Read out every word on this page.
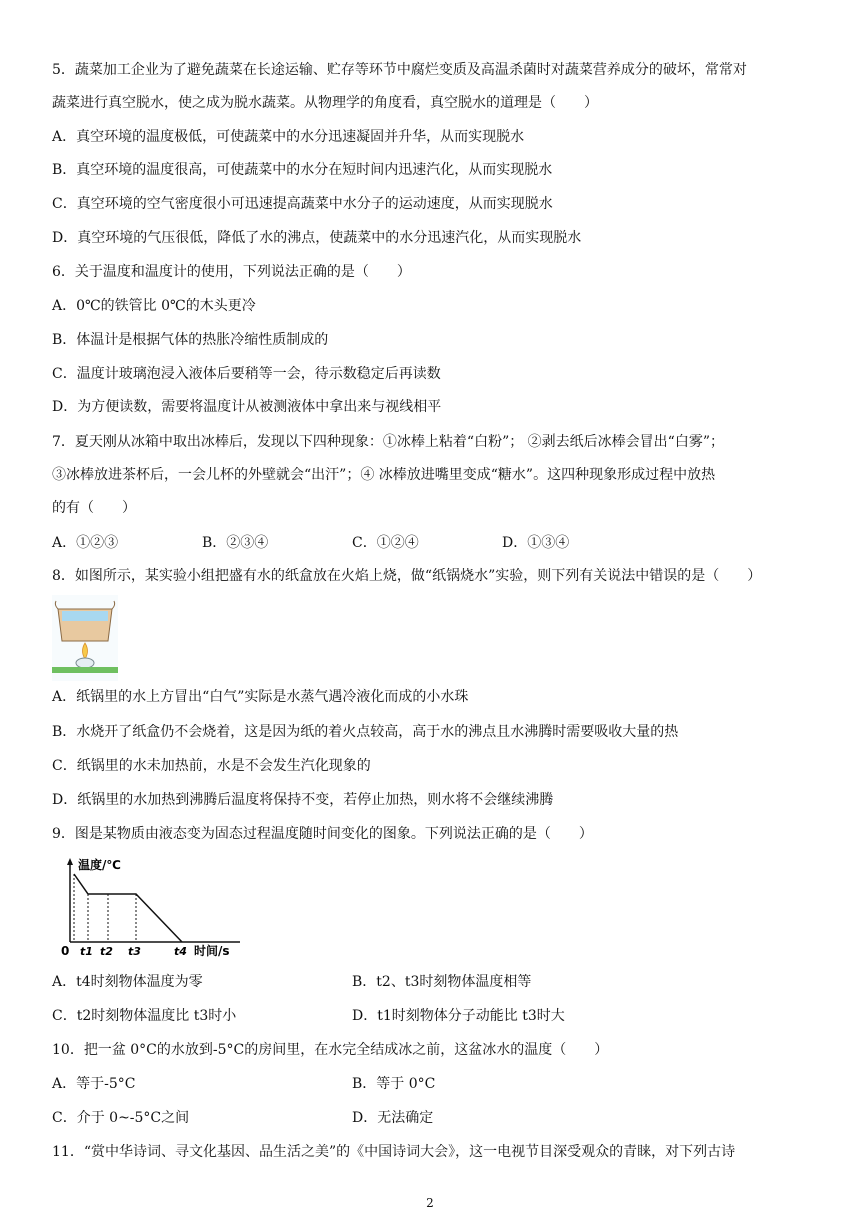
5．蔬菜加工企业为了避免蔬菜在长途运输、贮存等环节中腐烂变质及高温杀菌时对蔬菜营养成分的破坏，常常对
蔬菜进行真空脱水，使之成为脱水蔬菜。从物理学的角度看，真空脱水的道理是（　　）
A．真空环境的温度极低，可使蔬菜中的水分迅速凝固并升华，从而实现脱水
B．真空环境的温度很高，可使蔬菜中的水分在短时间内迅速汽化，从而实现脱水
C．真空环境的空气密度很小可迅速提高蔬菜中水分子的运动速度，从而实现脱水
D．真空环境的气压很低，降低了水的沸点，使蔬菜中的水分迅速汽化，从而实现脱水
6．关于温度和温度计的使用，下列说法正确的是（　　）
A．0℃的铁管比 0℃的木头更冷
B．体温计是根据气体的热胀冷缩性质制成的
C．温度计玻璃泡浸入液体后要稍等一会，待示数稳定后再读数
D．为方便读数，需要将温度计从被测液体中拿出来与视线相平
7．夏天刚从冰箱中取出冰棒后，发现以下四种现象：①冰棒上粘着“白粉”； ②剥去纸后冰棒会冒出“白雾”；
③冰棒放进茶杯后，一会儿杯的外壁就会“出汗”；④ 冰棒放进嘴里变成“糖水”。这四种现象形成过程中放热
的有（　　）
A．①②③	B．②③④	C．①②④	D．①③④
8．如图所示，某实验小组把盛有水的纸盒放在火焰上烧，做“纸锅烧水”实验，则下列有关说法中错误的是（　　）
A．纸锅里的水上方冒出“白气”实际是水蒸气遇冷液化而成的小水珠
B．水烧开了纸盒仍不会烧着，这是因为纸的着火点较高，高于水的沸点且水沸腾时需要吸收大量的热
C．纸锅里的水未加热前，水是不会发生汽化现象的
D．纸锅里的水加热到沸腾后温度将保持不变，若停止加热，则水将不会继续沸腾
9．图是某物质由液态变为固态过程温度随时间变化的图象。下列说法正确的是（　　）
温度/℃
0 t1 t2 t3	t4 时间/s
A．t4时刻物体温度为零	B．t2、t3时刻物体温度相等
C．t2时刻物体温度比 t3时小	D．t1时刻物体分子动能比 t3时大
10．把一盆 0°C的水放到-5°C的房间里，在水完全结成冰之前，这盆冰水的温度（　　）
A．等于-5°C	B．等于 0°C
C．介于 0~-5°C之间	D．无法确定
11．“赏中华诗词、寻文化基因、品生活之美”的《中国诗词大会》，这一电视节目深受观众的青睐，对下列古诗
2
